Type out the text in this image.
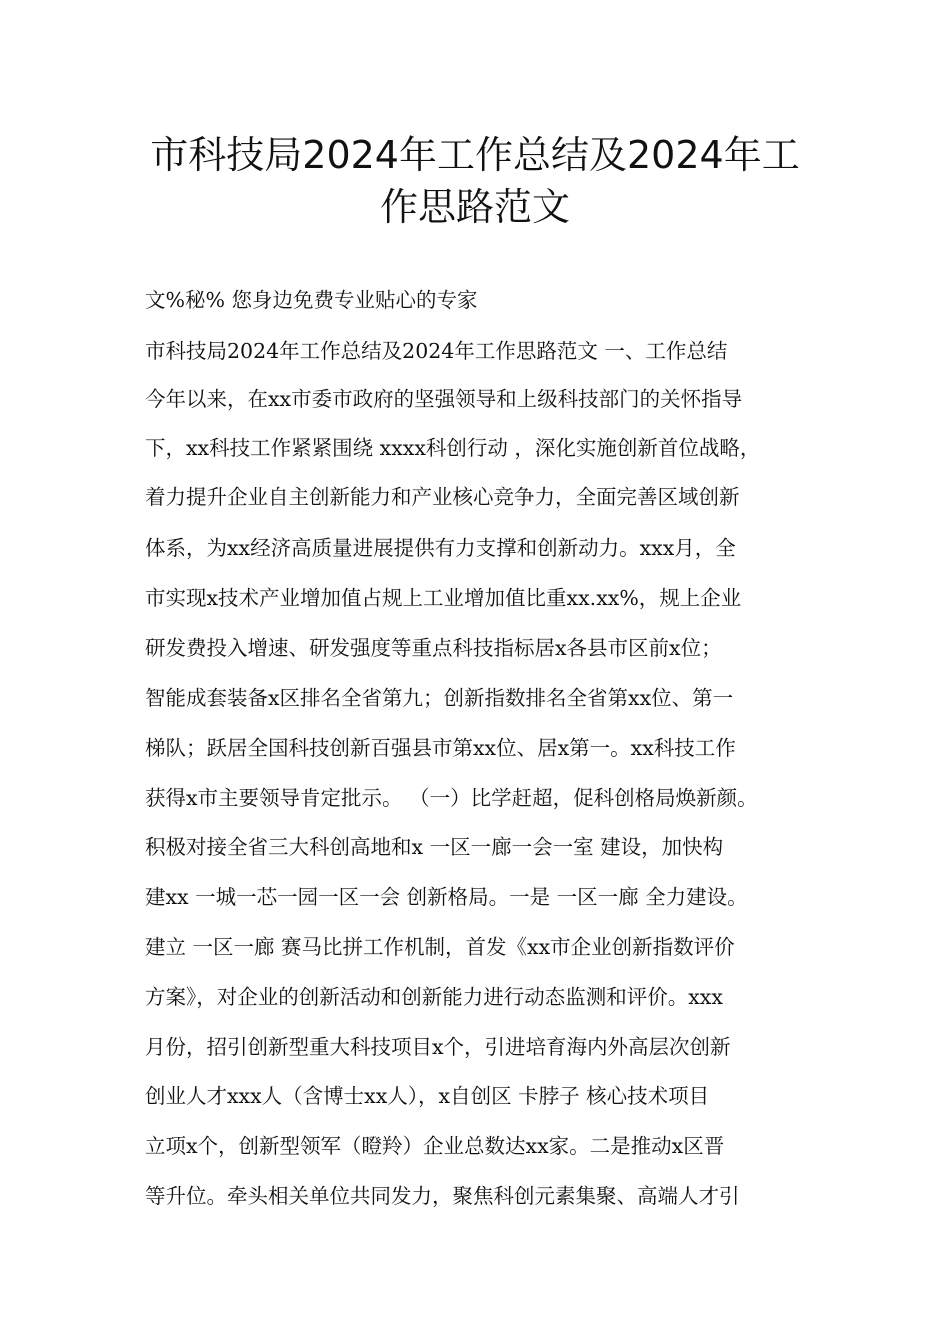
市科技局2024年工作总结及2024年工
作思路范文
文%秘% 您身边免费专业贴心的专家
市科技局2024年工作总结及2024年工作思路范文 一、工作总结
今年以来，在xx市委市政府的坚强领导和上级科技部门的关怀指导
下，xx科技工作紧紧围绕 xxxx科创行动 ，深化实施创新首位战略，
着力提升企业自主创新能力和产业核心竞争力，全面完善区域创新
体系，为xx经济高质量进展提供有力支撑和创新动力。xxx月，全
市实现x技术产业增加值占规上工业增加值比重xx.xx%，规上企业
研发费投入增速、研发强度等重点科技指标居x各县市区前x位；
智能成套装备x区排名全省第九；创新指数排名全省第xx位、第一
梯队；跃居全国科技创新百强县市第xx位、居x第一。xx科技工作
获得x市主要领导肯定批示。 （一）比学赶超，促科创格局焕新颜。
积极对接全省三大科创高地和x 一区一廊一会一室 建设，加快构
建xx 一城一芯一园一区一会 创新格局。一是 一区一廊 全力建设。
建立 一区一廊 赛马比拼工作机制，首发《xx市企业创新指数评价
方案》，对企业的创新活动和创新能力进行动态监测和评价。xxx
月份，招引创新型重大科技项目x个，引进培育海内外高层次创新
创业人才xxx人（含博士xx人），x自创区 卡脖子 核心技术项目
立项x个，创新型领军（瞪羚）企业总数达xx家。二是推动x区晋
等升位。牵头相关单位共同发力，聚焦科创元素集聚、高端人才引
